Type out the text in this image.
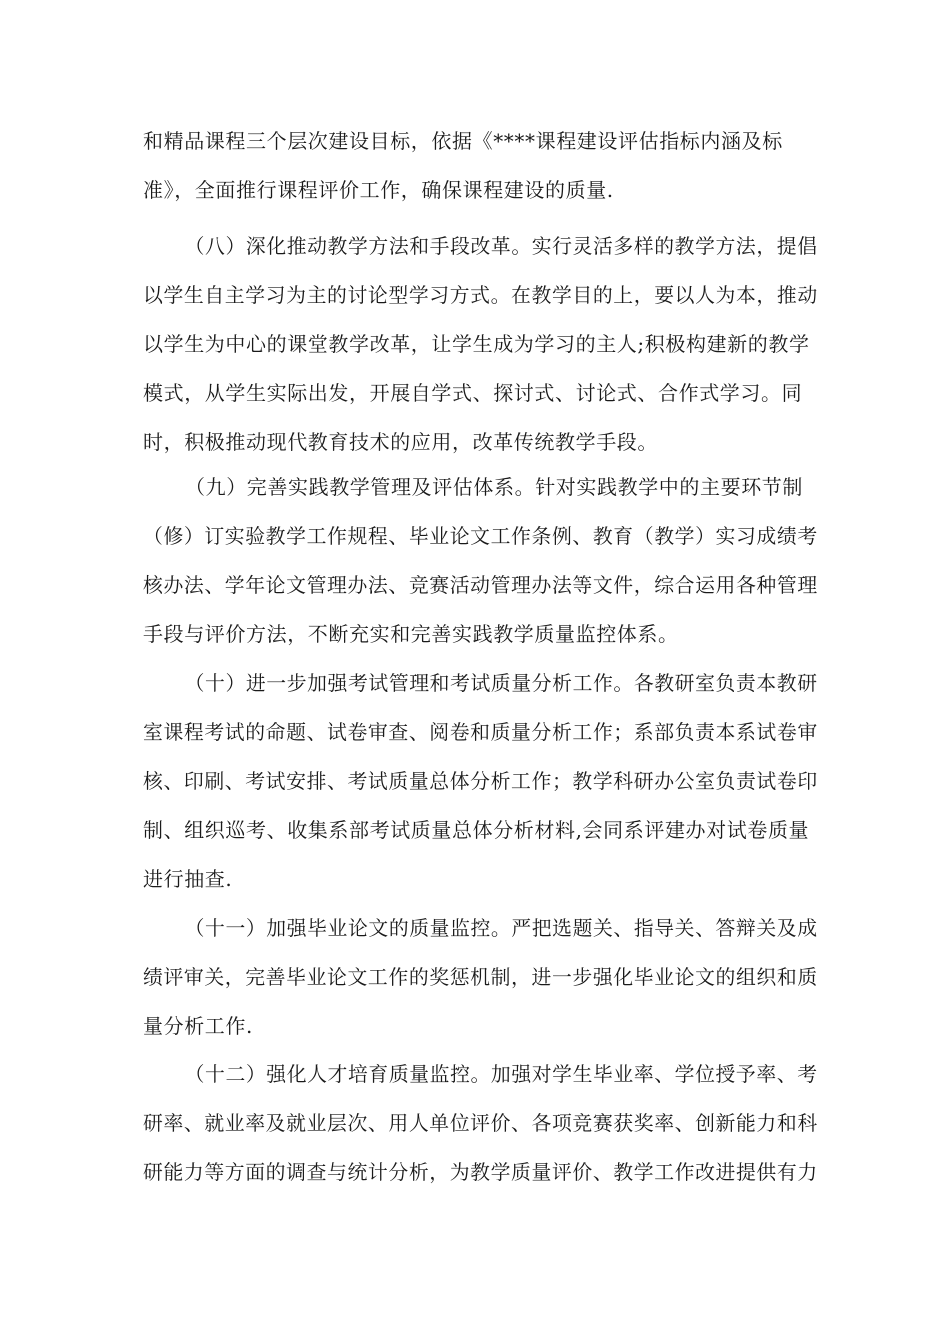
和精品课程三个层次建设目标，依据《****课程建设评估指标内涵及标
准》，全面推行课程评价工作，确保课程建设的质量.
（八）深化推动教学方法和手段改革。实行灵活多样的教学方法，提倡
以学生自主学习为主的讨论型学习方式。在教学目的上，要以人为本，推动
以学生为中心的课堂教学改革，让学生成为学习的主人;积极构建新的教学
模式，从学生实际出发，开展自学式、探讨式、讨论式、合作式学习。同
时，积极推动现代教育技术的应用，改革传统教学手段。
（九）完善实践教学管理及评估体系。针对实践教学中的主要环节制
（修）订实验教学工作规程、毕业论文工作条例、教育（教学）实习成绩考
核办法、学年论文管理办法、竞赛活动管理办法等文件，综合运用各种管理
手段与评价方法，不断充实和完善实践教学质量监控体系。
（十）进一步加强考试管理和考试质量分析工作。各教研室负责本教研
室课程考试的命题、试卷审查、阅卷和质量分析工作；系部负责本系试卷审
核、印刷、考试安排、考试质量总体分析工作；教学科研办公室负责试卷印
制、组织巡考、收集系部考试质量总体分析材料,会同系评建办对试卷质量
进行抽查.
（十一）加强毕业论文的质量监控。严把选题关、指导关、答辩关及成
绩评审关，完善毕业论文工作的奖惩机制，进一步强化毕业论文的组织和质
量分析工作.
（十二）强化人才培育质量监控。加强对学生毕业率、学位授予率、考
研率、就业率及就业层次、用人单位评价、各项竞赛获奖率、创新能力和科
研能力等方面的调查与统计分析，为教学质量评价、教学工作改进提供有力
